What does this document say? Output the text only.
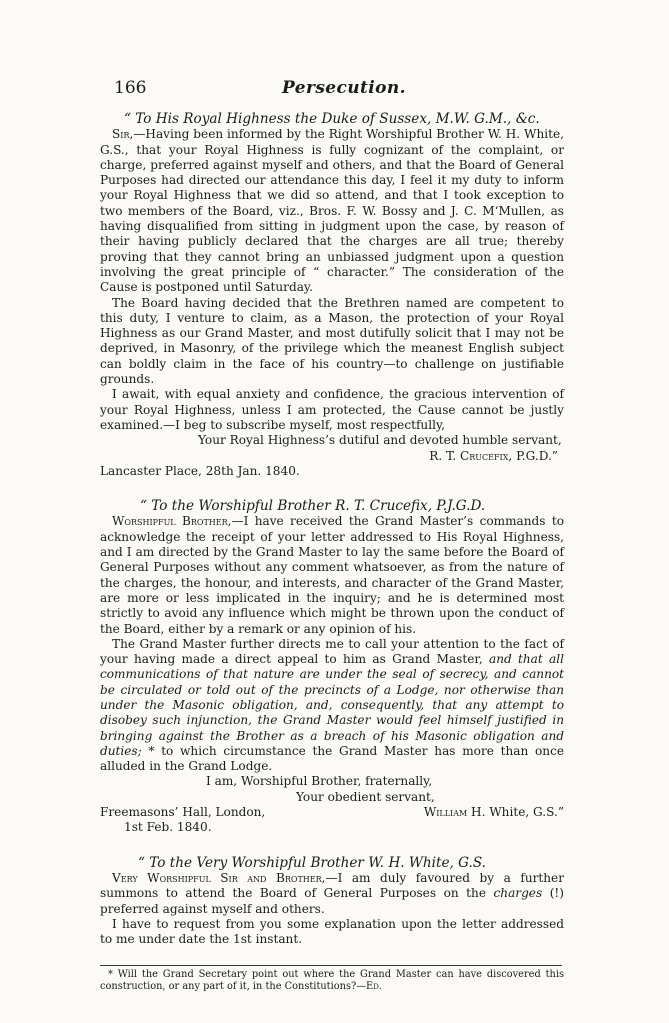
166	Persecution.

“ To His Royal Highness the Duke of Sussex, M.W. G.M., &c.

Sir,—Having been informed by the Right Worshipful Brother W. H. White, G.S., that your Royal Highness is fully cognizant of the complaint, or charge, preferred against myself and others, and that the Board of General Purposes had directed our attendance this day, I feel it my duty to inform your Royal Highness that we did so attend, and that I took exception to two members of the Board, viz., Bros. F. W. Bossy and J. C. M‘Mullen, as having disqualified from sitting in judgment upon the case, by reason of their having publicly declared that the charges are all true; thereby proving that they cannot bring an unbiassed judgment upon a question involving the great principle of “ character.” The consideration of the Cause is postponed until Saturday.

The Board having decided that the Brethren named are competent to this duty, I venture to claim, as a Mason, the protection of your Royal Highness as our Grand Master, and most dutifully solicit that I may not be deprived, in Masonry, of the privilege which the meanest English subject can boldly claim in the face of his country—to challenge on justifiable grounds.

I await, with equal anxiety and confidence, the gracious intervention of your Royal Highness, unless I am protected, the Cause cannot be justly examined.—I beg to subscribe myself, most respectfully,

Your Royal Highness’s dutiful and devoted humble servant,

R. T. Crucefix, P.G.D.”

Lancaster Place, 28th Jan. 1840.

“ To the Worshipful Brother R. T. Crucefix, P.J.G.D.

Worshipful Brother,—I have received the Grand Master’s commands to acknowledge the receipt of your letter addressed to His Royal Highness, and I am directed by the Grand Master to lay the same before the Board of General Purposes without any comment whatsoever, as from the nature of the charges, the honour, and interests, and character of the Grand Master, are more or less implicated in the inquiry; and he is determined most strictly to avoid any influence which might be thrown upon the conduct of the Board, either by a remark or any opinion of his.

The Grand Master further directs me to call your attention to the fact of your having made a direct appeal to him as Grand Master, and that all communications of that nature are under the seal of secrecy, and cannot be circulated or told out of the precincts of a Lodge, nor otherwise than under the Masonic obligation, and, consequently, that any attempt to disobey such injunction, the Grand Master would feel himself justified in bringing against the Brother as a breach of his Masonic obligation and duties; * to which circumstance the Grand Master has more than once alluded in the Grand Lodge.

I am, Worshipful Brother, fraternally,

Your obedient servant,

Freemasons’ Hall, London,	William H. White, G.S.”

1st Feb. 1840.

“ To the Very Worshipful Brother W. H. White, G.S.

Very Worshipful Sir and Brother,—I am duly favoured by a further summons to attend the Board of General Purposes on the charges (!) preferred against myself and others.

I have to request from you some explanation upon the letter addressed to me under date the 1st instant.

* Will the Grand Secretary point out where the Grand Master can have discovered this construction, or any part of it, in the Constitutions?—Ed.
